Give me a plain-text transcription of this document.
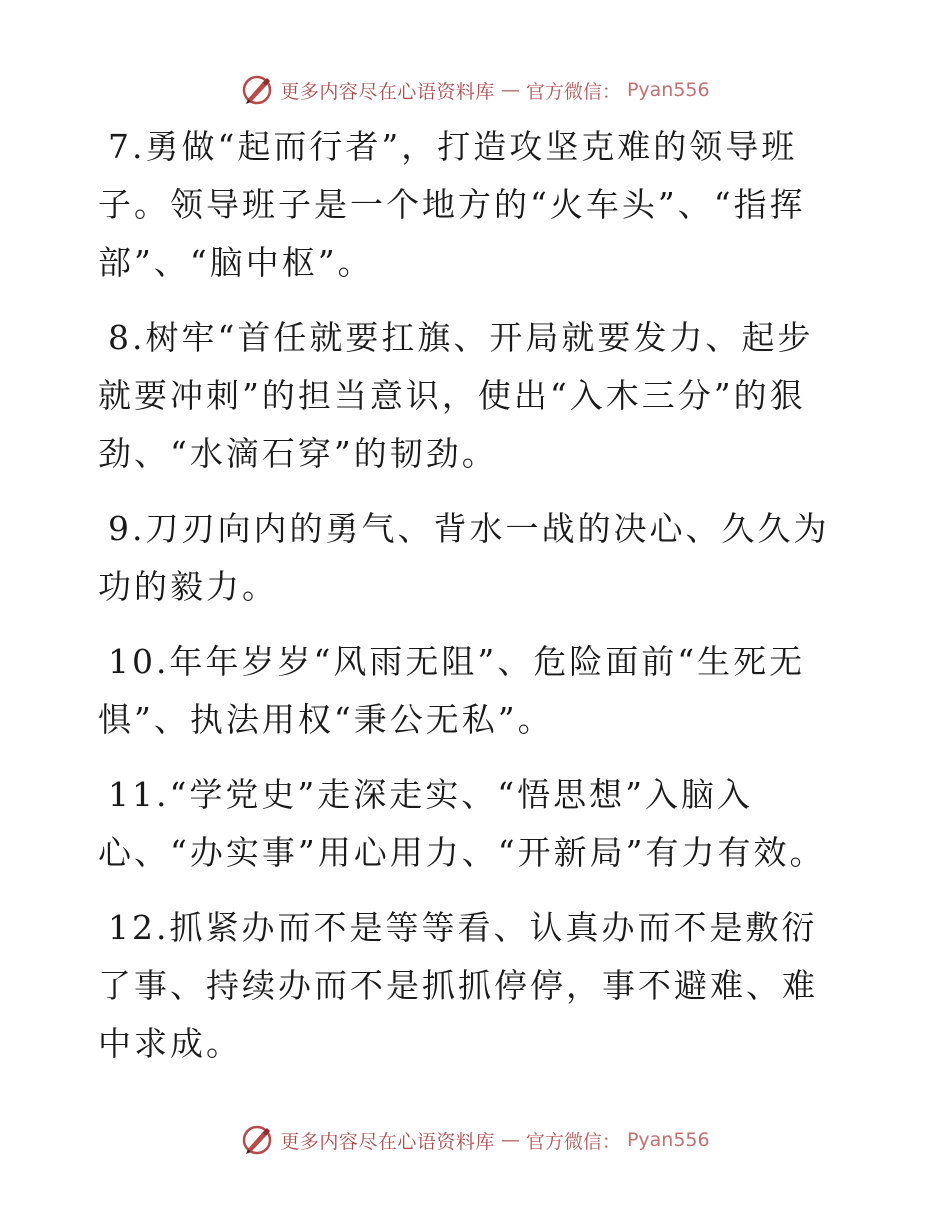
更多内容尽在心语资料库 — 官方微信： Pyan556

7.勇做“起而行者”，打造攻坚克难的领导班子。领导班子是一个地方的“火车头”、“指挥部”、“脑中枢”。

8.树牢“首任就要扛旗、开局就要发力、起步就要冲刺”的担当意识，使出“入木三分”的狠劲、“水滴石穿”的韧劲。

9.刀刃向内的勇气、背水一战的决心、久久为功的毅力。

10.年年岁岁“风雨无阻”、危险面前“生死无惧”、执法用权“秉公无私”。

11.“学党史”走深走实、“悟思想”入脑入心、“办实事”用心用力、“开新局”有力有效。

12.抓紧办而不是等等看、认真办而不是敷衍了事、持续办而不是抓抓停停，事不避难、难中求成。

更多内容尽在心语资料库 — 官方微信： Pyan556
